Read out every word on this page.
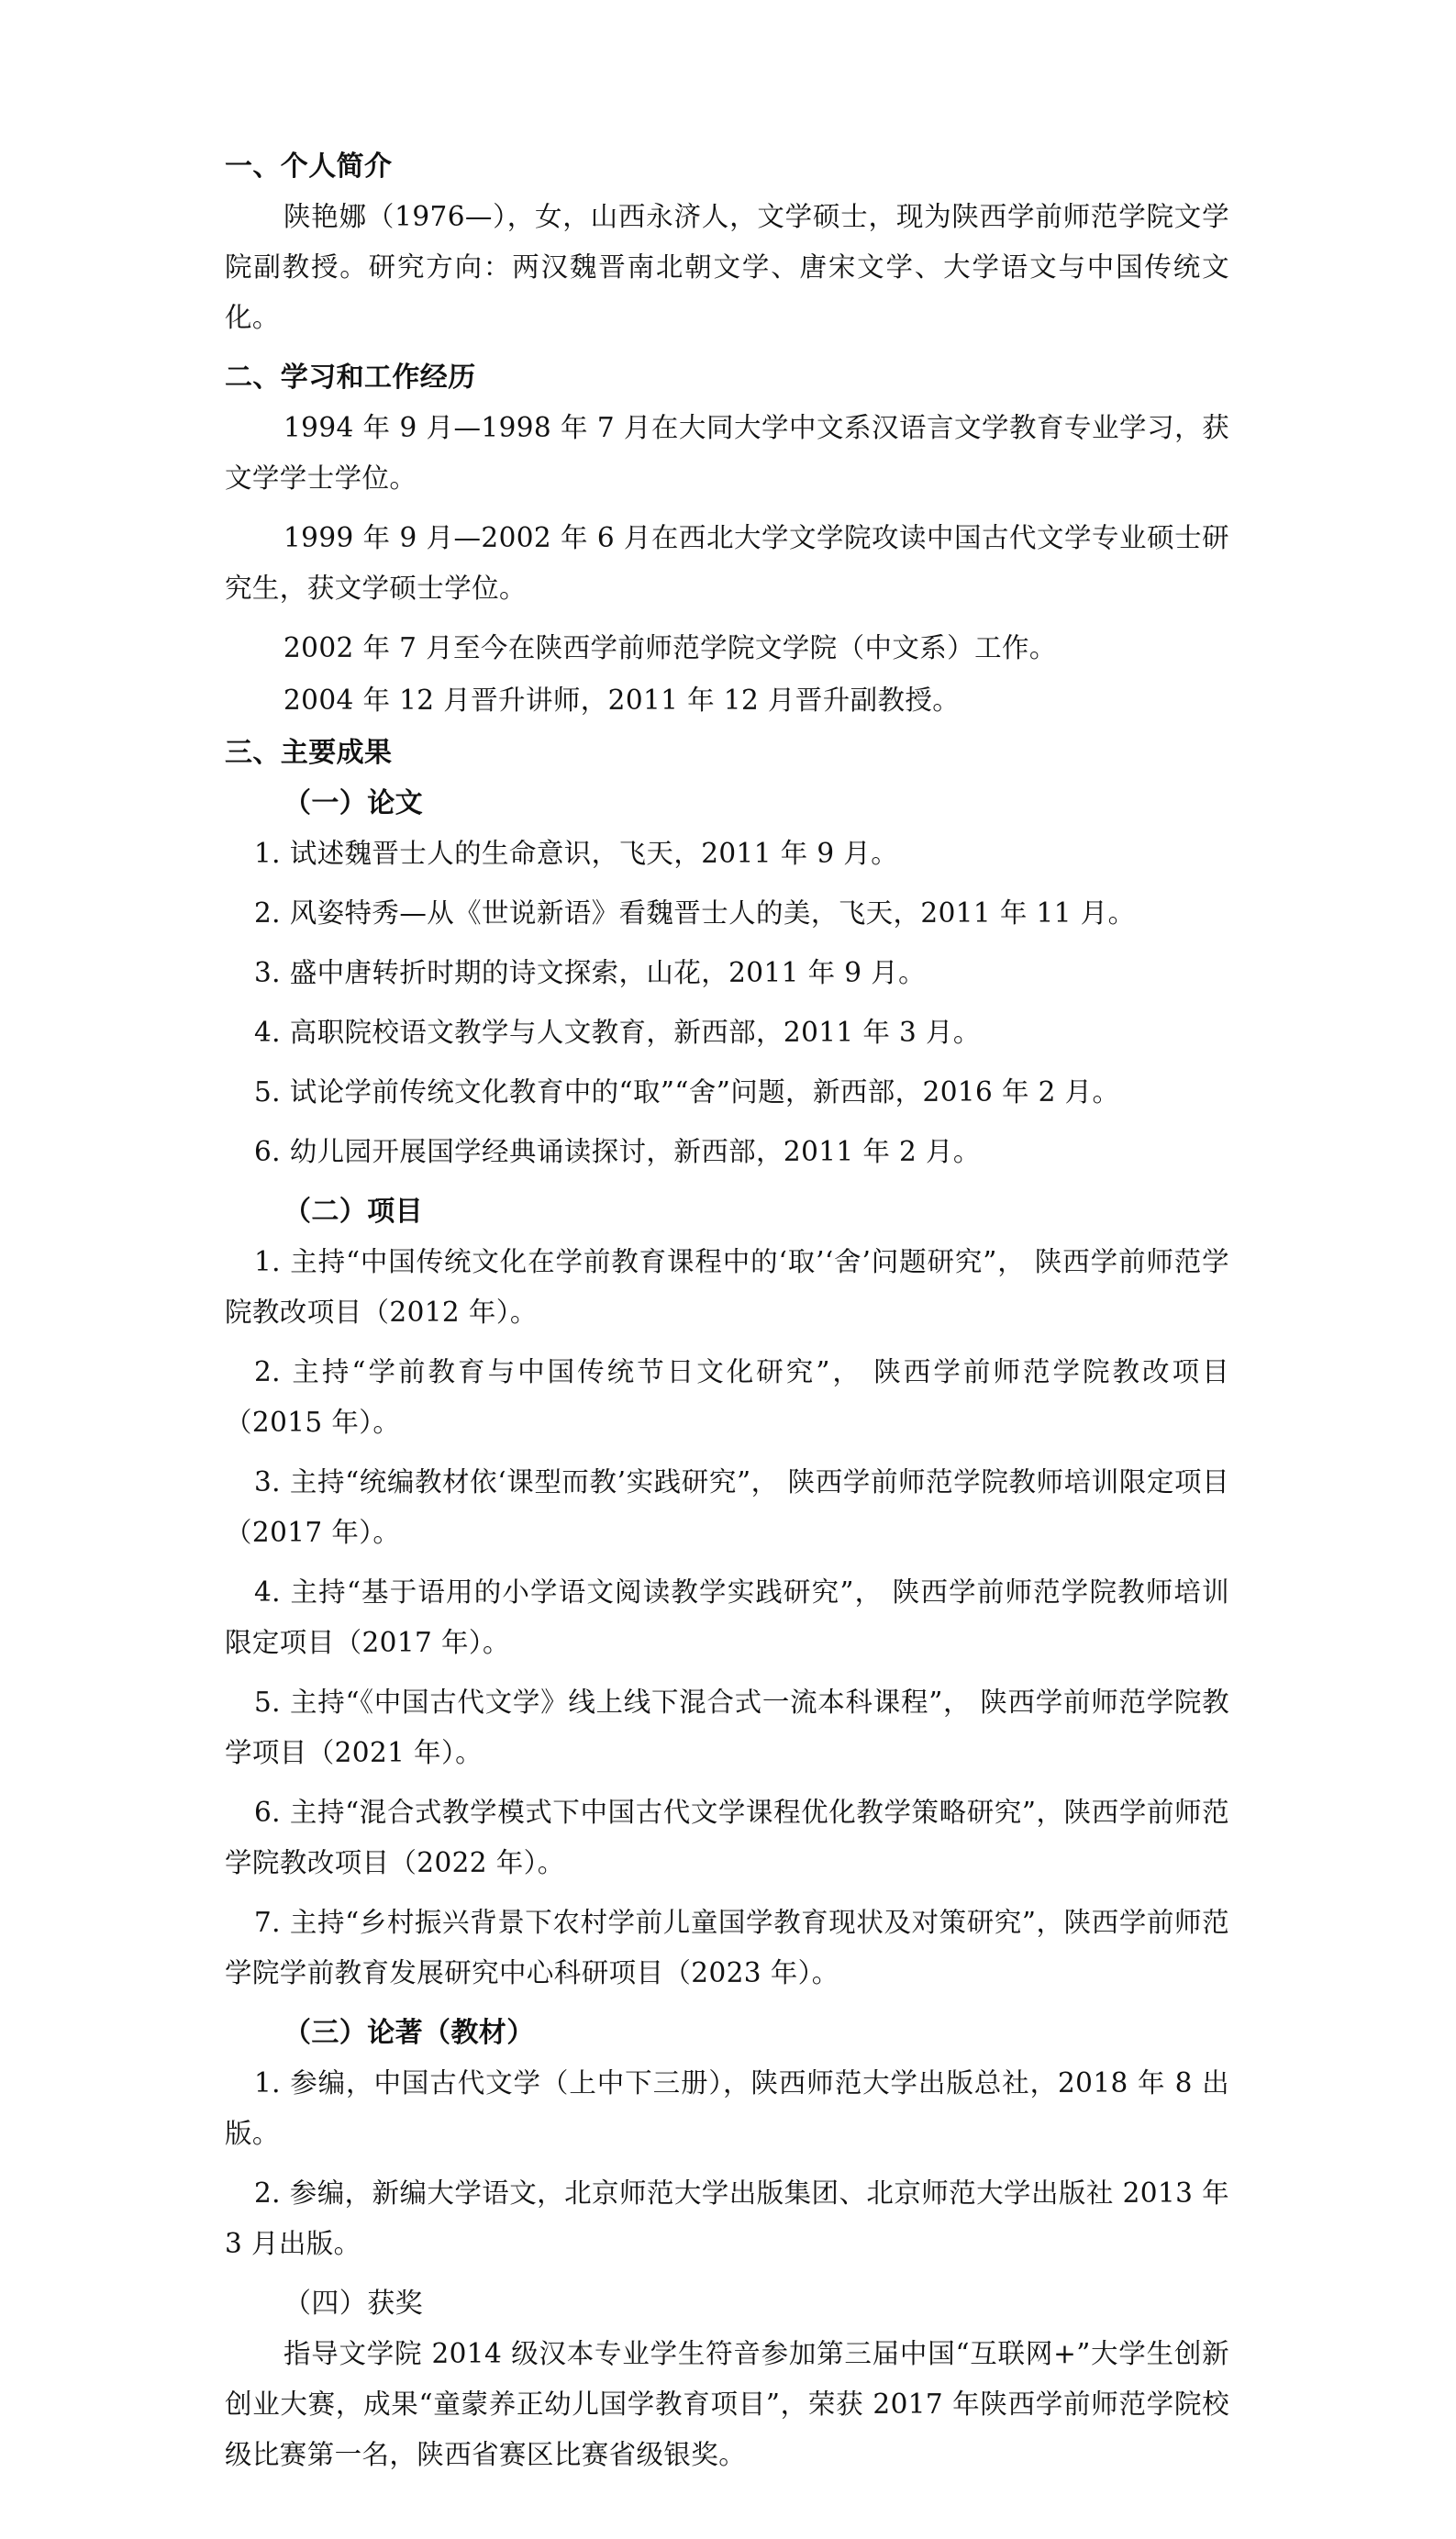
一、个人简介

陕艳娜（1976—），女，山西永济人，文学硕士，现为陕西学前师范学院文学院副教授。研究方向：两汉魏晋南北朝文学、唐宋文学、大学语文与中国传统文化。

二、学习和工作经历

1994 年 9 月—1998 年 7 月在大同大学中文系汉语言文学教育专业学习，获文学学士学位。

1999 年 9 月—2002 年 6 月在西北大学文学院攻读中国古代文学专业硕士研究生，获文学硕士学位。

2002 年 7 月至今在陕西学前师范学院文学院（中文系）工作。

2004 年 12 月晋升讲师，2011 年 12 月晋升副教授。

三、主要成果
（一）论文

1. 试述魏晋士人的生命意识，飞天，2011 年 9 月。

2. 风姿特秀—从《世说新语》看魏晋士人的美，飞天，2011 年 11 月。

3. 盛中唐转折时期的诗文探索，山花，2011 年 9 月。

4. 高职院校语文教学与人文教育，新西部，2011 年 3 月。

5. 试论学前传统文化教育中的“取”“舍”问题，新西部，2016 年 2 月。

6. 幼儿园开展国学经典诵读探讨，新西部，2011 年 2 月。

（二）项目

1. 主持“中国传统文化在学前教育课程中的‘取’‘舍’问题研究”， 陕西学前师范学院教改项目（2012 年）。

2. 主持“学前教育与中国传统节日文化研究”， 陕西学前师范学院教改项目（2015 年）。

3. 主持“统编教材依‘课型而教’实践研究”， 陕西学前师范学院教师培训限定项目（2017 年）。

4. 主持“基于语用的小学语文阅读教学实践研究”， 陕西学前师范学院教师培训限定项目（2017 年）。

5. 主持“《中国古代文学》线上线下混合式一流本科课程”， 陕西学前师范学院教学项目（2021 年）。

6. 主持“混合式教学模式下中国古代文学课程优化教学策略研究”，陕西学前师范学院教改项目（2022 年）。

7. 主持“乡村振兴背景下农村学前儿童国学教育现状及对策研究”，陕西学前师范学院学前教育发展研究中心科研项目（2023 年）。

（三）论著（教材）

1. 参编，中国古代文学（上中下三册），陕西师范大学出版总社，2018 年 8 出版。

2. 参编，新编大学语文，北京师范大学出版集团、北京师范大学出版社 2013 年 3 月出版。

（四）获奖

指导文学院 2014 级汉本专业学生符音参加第三届中国“互联网+”大学生创新创业大赛，成果“童蒙养正幼儿国学教育项目”，荣获 2017 年陕西学前师范学院校级比赛第一名，陕西省赛区比赛省级银奖。
